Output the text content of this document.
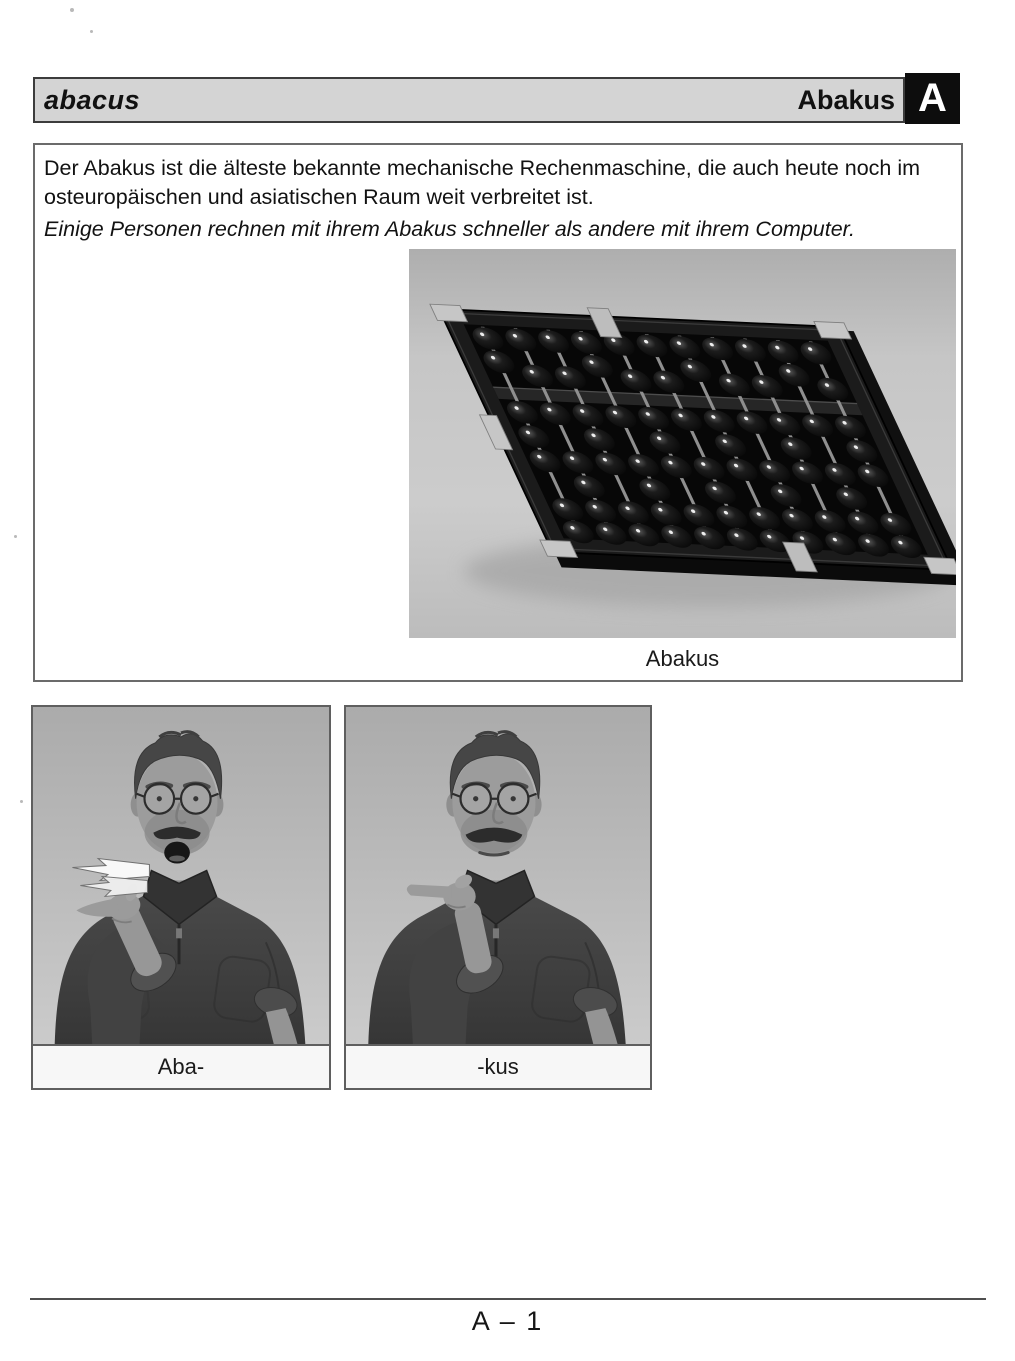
abacus	Abakus A

Der Abakus ist die älteste bekannte mechanische Rechenmaschine, die auch heute noch im osteuropäischen und asiatischen Raum weit verbreitet ist.

Einige Personen rechnen mit ihrem Abakus schneller als andere mit ihrem Computer.

Abakus
Aba-	-kus
A – 1
